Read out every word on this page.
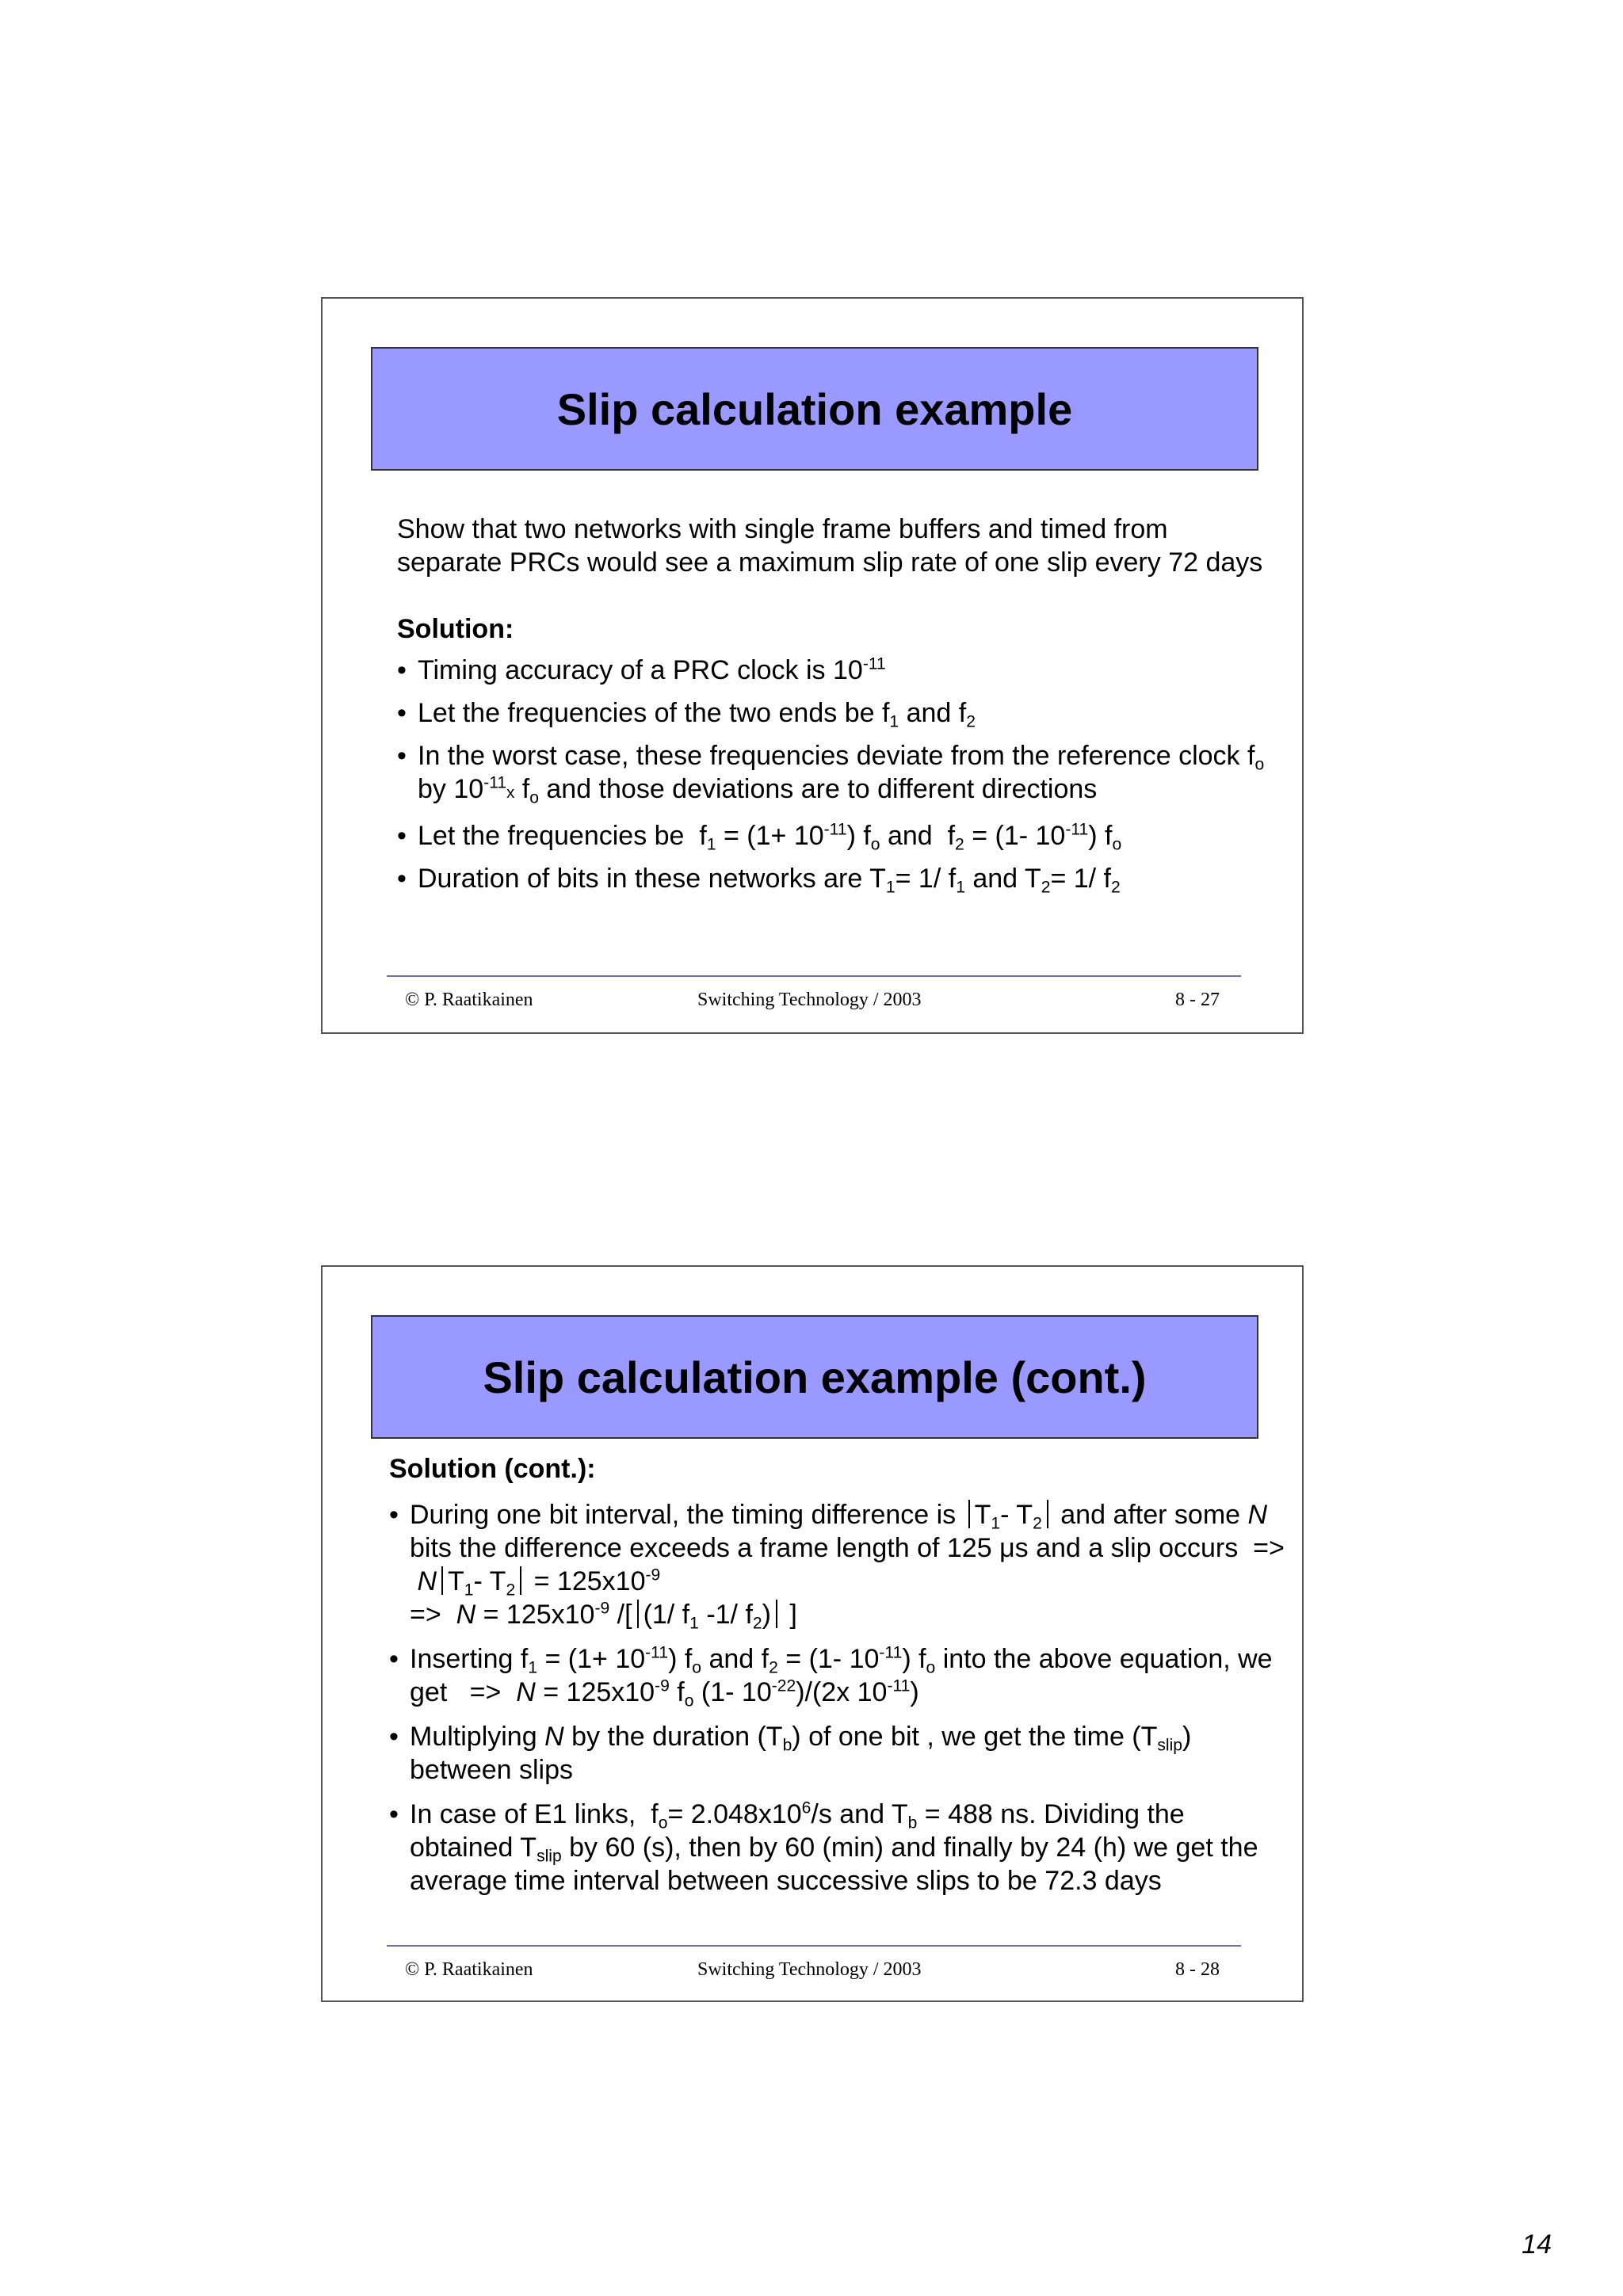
Slip calculation example

Show that two networks with single frame buffers and timed from separate PRCs would see a maximum slip rate of one slip every 72 days

Solution:

• Timing accuracy of a PRC clock is $10^{-11}$
• Let the frequencies of the two ends be $f_1$ and $f_2$
• In the worst case, these frequencies deviate from the reference clock $f_o$ by $10^{-11}x$ $f_o$ and those deviations are to different directions
• Let the frequencies be  $f_1 = (1+ 10^{-11})$ $f_o$ and  $f_2 = (1-$ $10^{-11}$) $f_o$
• Duration of bits in these networks are $T_1= 1/$ $f_1$ and $T_2= 1/$ $f_2$
© P. Raatikainen	Switching Technology / 2003	8 - 27
Slip calculation example (cont.)

Solution (cont.):

• During one bit interval, the timing difference is $T_1-$ $T_2$ and after some N bits the difference exceeds a frame length of 125 μs and a slip occurs  =>  N $T_1-$ $T_2 = 125x10^{-9}$
=>  $N = 125x10^{-9}$ /[ (1/ $f_1$ -1/ $f_2$) ]
• Inserting $f_1 = (1+ 10^{-11})$ $f_o$ and $f_2 = (1-$ $10^{-11}$) $f_o$ into the above equation, we get   =>  $N = 125x10^{-9}$ $f_o$ (1- $10^{-22})/(2x$ $10^{-11}$)
• Multiplying N by the duration $(T_b)$ of one bit , we get the time $(T_{slip})$ between slips
• In case of E1 links,  $f_o= 2.048x10^6/s$ and $T_b = 488$ ns. Dividing the obtained $T_{slip}$ by 60 (s), then by 60 (min) and finally by 24 (h) we get the average time interval between successive slips to be 72.3 days
© P. Raatikainen	Switching Technology / 2003	8 - 28
14
